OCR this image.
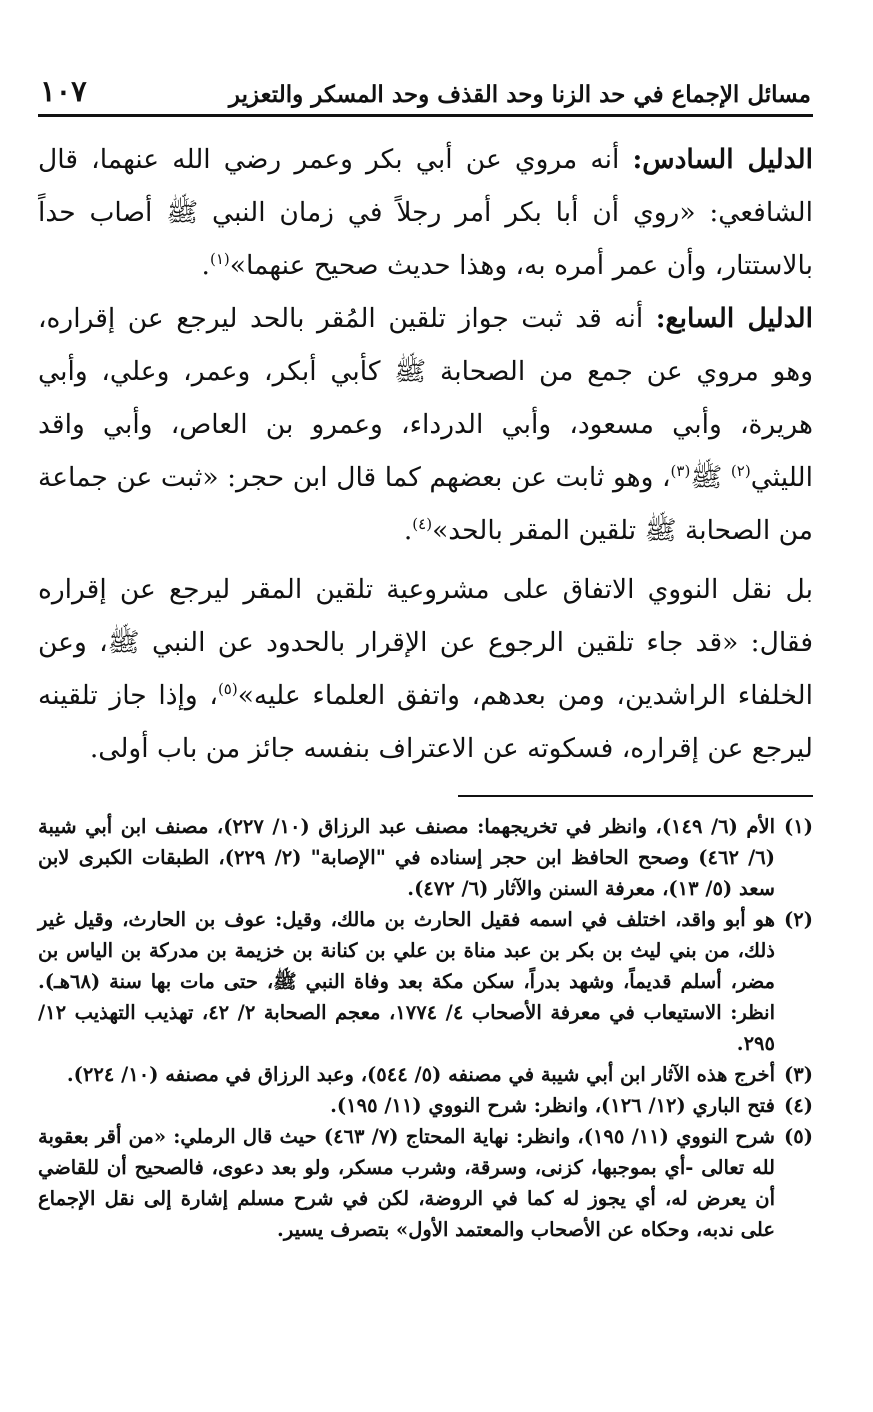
مسائل الإجماع في حد الزنا وحد القذف وحد المسكر والتعزير
١٠٧

الدليل السادس: أنه مروي عن أبي بكر وعمر رضي الله عنهما، قال الشافعي: «روي أن أبا بكر أمر رجلاً في زمان النبي ﷺ أصاب حداً بالاستتار، وأن عمر أمره به، وهذا حديث صحيح عنهما»$^{(١)}$.

الدليل السابع: أنه قد ثبت جواز تلقين المُقر بالحد ليرجع عن إقراره، وهو مروي عن جمع من الصحابة ﷺ كأبي أبكر، وعمر، وعلي، وأبي هريرة، وأبي مسعود، وأبي الدرداء، وعمرو بن العاص، وأبي واقد الليثي$^{(٢)}$ ﷺ$^{(٣)}$، وهو ثابت عن بعضهم كما قال ابن حجر: «ثبت عن جماعة من الصحابة ﷺ تلقين المقر بالحد»$^{(٤)}$.

بل نقل النووي الاتفاق على مشروعية تلقين المقر ليرجع عن إقراره فقال: «قد جاء تلقين الرجوع عن الإقرار بالحدود عن النبي ﷺ، وعن الخلفاء الراشدين، ومن بعدهم، واتفق العلماء عليه»$^{(٥)}$، وإذا جاز تلقينه ليرجع عن إقراره، فسكوته عن الاعتراف بنفسه جائز من باب أولى.

(١)
الأم (٦/ ١٤٩)، وانظر في تخريجهما: مصنف عبد الرزاق (١٠/ ٢٢٧)، مصنف ابن أبي شيبة (٦/ ٤٦٢) وصحح الحافظ ابن حجر إسناده في "الإصابة" (٢/ ٢٢٩)، الطبقات الكبرى لابن سعد (٥/ ١٣)، معرفة السنن والآثار (٦/ ٤٧٢).
(٢)
هو أبو واقد، اختلف في اسمه فقيل الحارث بن مالك، وقيل: عوف بن الحارث، وقيل غير ذلك، من بني ليث بن بكر بن عبد مناة بن علي بن كنانة بن خزيمة بن مدركة بن الياس بن مضر، أسلم قديماً، وشهد بدراً، سكن مكة بعد وفاة النبي ﷺ، حتى مات بها سنة (٦٨هـ). انظر: الاستيعاب في معرفة الأصحاب ٤/ ١٧٧٤، معجم الصحابة ٢/ ٤٢، تهذيب التهذيب ١٢/ ٢٩٥.
(٣)
أخرج هذه الآثار ابن أبي شيبة في مصنفه (٥/ ٥٤٤)، وعبد الرزاق في مصنفه (١٠/ ٢٢٤).
(٤)
فتح الباري (١٢/ ١٢٦)، وانظر: شرح النووي (١١/ ١٩٥).
(٥)
شرح النووي (١١/ ١٩٥)، وانظر: نهاية المحتاج (٧/ ٤٦٣) حيث قال الرملي: «من أقر بعقوبة لله تعالى -أي بموجبها، كزنى، وسرقة، وشرب مسكر، ولو بعد دعوى، فالصحيح أن للقاضي أن يعرض له، أي يجوز له كما في الروضة، لكن في شرح مسلم إشارة إلى نقل الإجماع على ندبه، وحكاه عن الأصحاب والمعتمد الأول» بتصرف يسير.
